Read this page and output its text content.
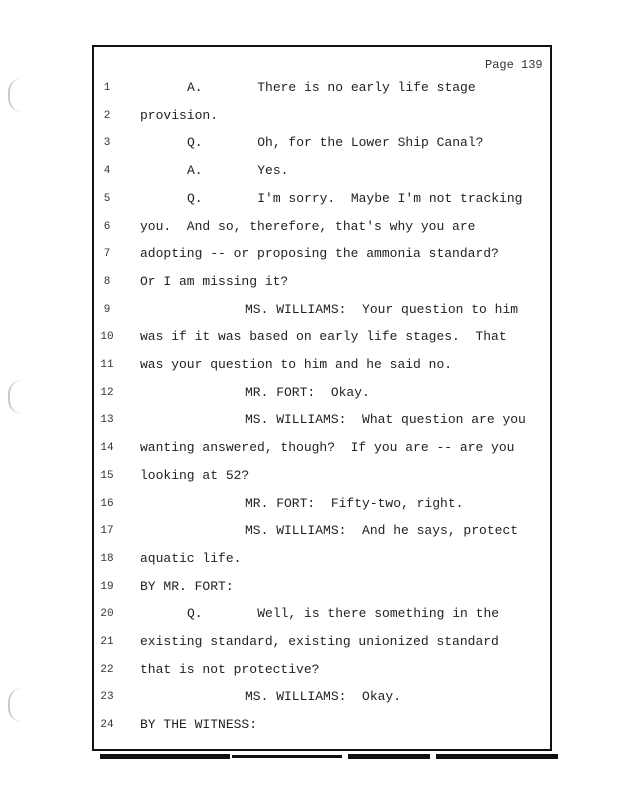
Page 139
1	A.       There is no early life stage
2	provision.
3	Q.       Oh, for the Lower Ship Canal?
4	A.       Yes.
5	Q.       I'm sorry.  Maybe I'm not tracking
6	you.  And so, therefore, that's why you are
7	adopting -- or proposing the ammonia standard?
8	Or I am missing it?
9	MS. WILLIAMS:  Your question to him
10	was if it was based on early life stages.  That
11	was your question to him and he said no.
12	MR. FORT:  Okay.
13	MS. WILLIAMS:  What question are you
14	wanting answered, though?  If you are -- are you
15	looking at 52?
16	MR. FORT:  Fifty-two, right.
17	MS. WILLIAMS:  And he says, protect
18	aquatic life.
19	BY MR. FORT:
20	Q.       Well, is there something in the
21	existing standard, existing unionized standard
22	that is not protective?
23	MS. WILLIAMS:  Okay.
24	BY THE WITNESS:
